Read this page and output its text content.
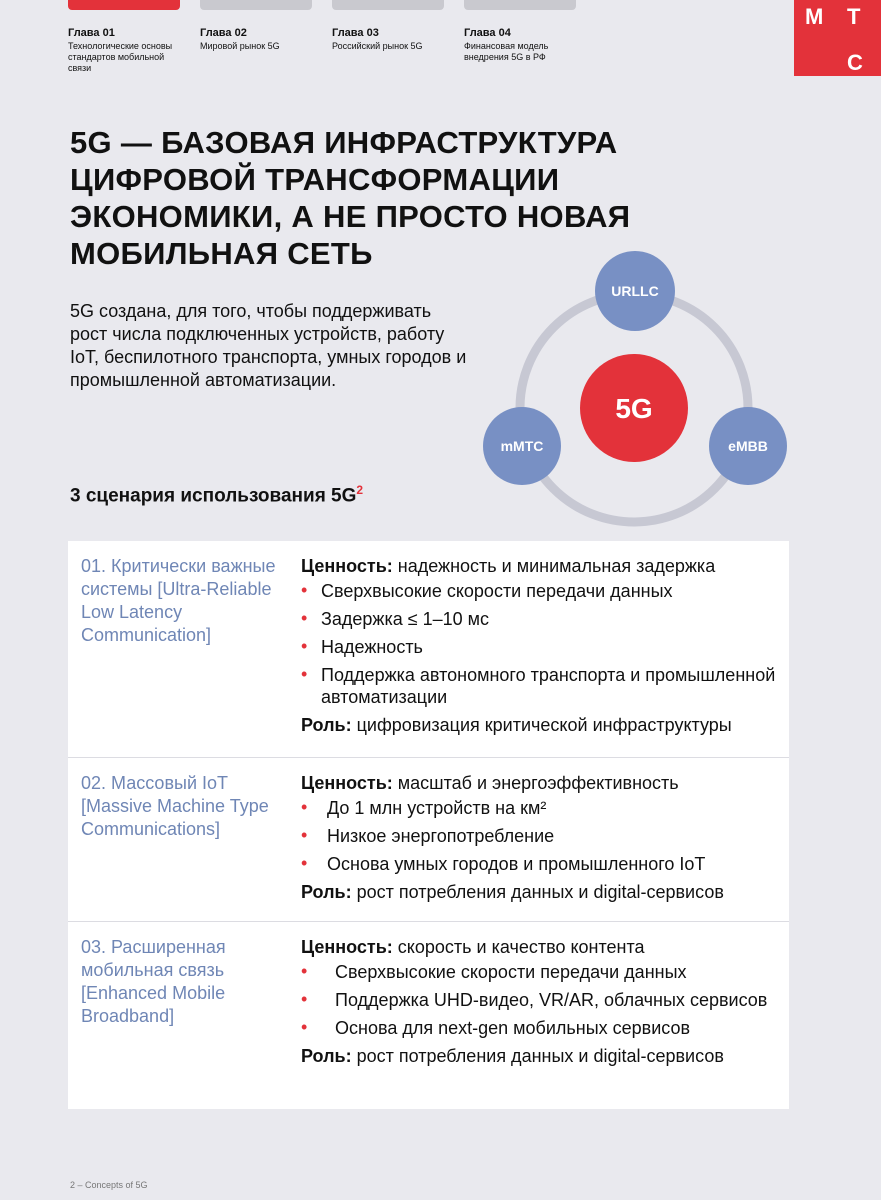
Глава 01
Технологические основы стандартов мобильной связи
Глава 02
Мировой рынок 5G
Глава 03
Российский рынок 5G
Глава 04
Финансовая модель внедрения 5G в РФ
М Т
С
5G — БАЗОВАЯ ИНФРАСТРУКТУРА ЦИФРОВОЙ ТРАНСФОРМАЦИИ ЭКОНОМИКИ, А НЕ ПРОСТО НОВАЯ МОБИЛЬНАЯ СЕТЬ
5G создана, для того, чтобы поддерживать рост числа подключенных устройств, работу IoT, беспилотного транспорта, умных городов и промышленной автоматизации.
5G
URLLC
mMTC	eMBB
3 сценария использования $5G^2$
01. Критически важные системы [Ultra-Reliable Low Latency Communication]

Ценность: надежность и минимальная задержка

• Сверхвысокие скорости передачи данных
• Задержка ≤ 1–10 мс
• Надежность
• Поддержка автономного транспорта и промышленной автоматизации

Роль: цифровизация критической инфраструктуры

02. Массовый IoT [Massive Machine Type Communications]

Ценность: масштаб и энергоэффективность

• До 1 млн устройств на км²
• Низкое энергопотребление
• Основа умных городов и промышленного IoT

Роль: рост потребления данных и digital-сервисов

03. Расширенная мобильная связь [Enhanced Mobile Broadband]

Ценность: скорость и качество контента

• Сверхвысокие скорости передачи данных
• Поддержка UHD-видео, VR/AR, облачных сервисов
• Основа для next-gen мобильных сервисов

Роль: рост потребления данных и digital-сервисов

2 – Concepts of 5G
